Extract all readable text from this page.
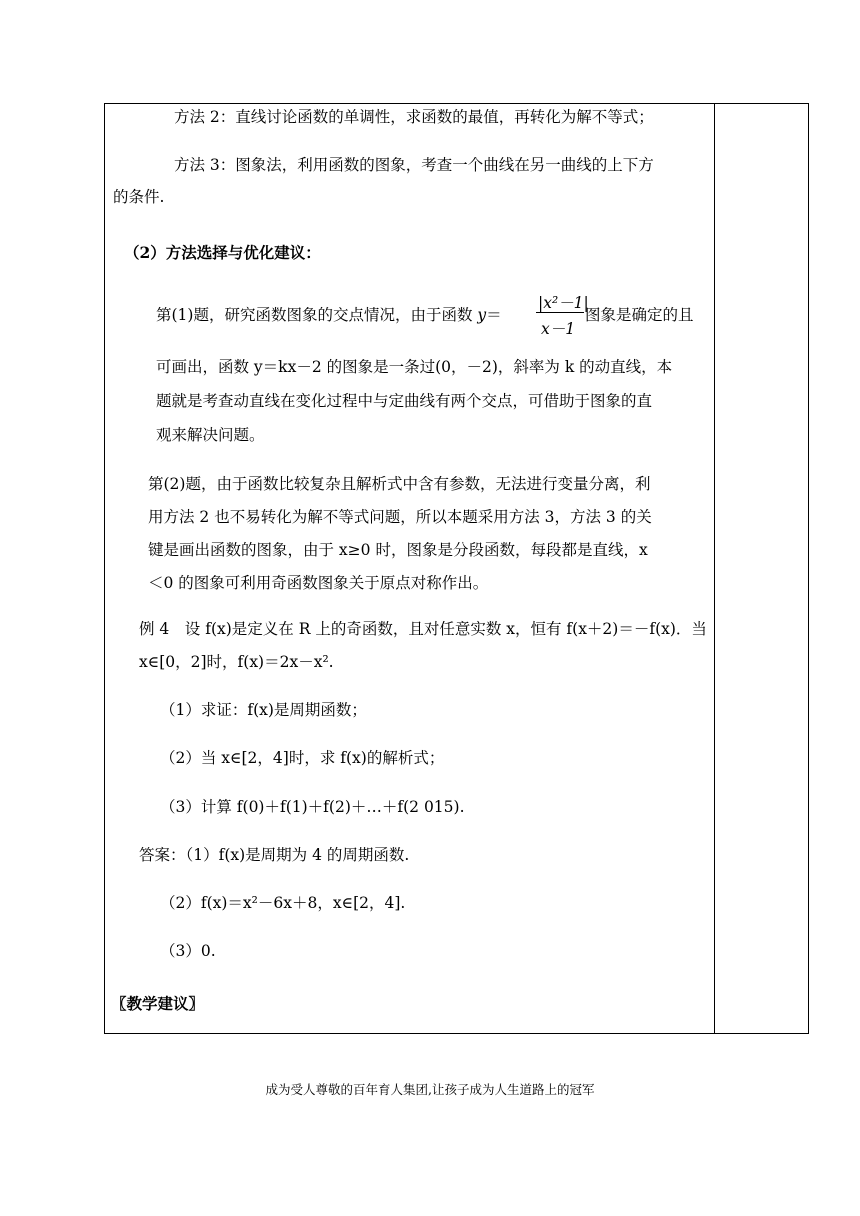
方法 2：直线讨论函数的单调性，求函数的最值，再转化为解不等式；
方法 3：图象法，利用函数的图象，考查一个曲线在另一曲线的上下方
的条件.
（2）方法选择与优化建议：
第(1)题，研究函数图象的交点情况，由于函数 y＝
|x²－1|
x－1
图象是确定的且
可画出，函数 y＝kx－2 的图象是一条过(0，－2)，斜率为 k 的动直线，本
题就是考查动直线在变化过程中与定曲线有两个交点，可借助于图象的直
观来解决问题。
第(2)题，由于函数比较复杂且解析式中含有参数，无法进行变量分离，利
用方法 2 也不易转化为解不等式问题，所以本题采用方法 3，方法 3 的关
键是画出函数的图象，由于 x≥0 时，图象是分段函数，每段都是直线，x
＜0 的图象可利用奇函数图象关于原点对称作出。
例 4　设 f(x)是定义在 R 上的奇函数，且对任意实数 x，恒有 f(x＋2)＝－f(x)．当
x∈[0，2]时，f(x)＝2x－x².
（1）求证：f(x)是周期函数；
（2）当 x∈[2，4]时，求 f(x)的解析式；
（3）计算 f(0)＋f(1)＋f(2)＋…＋f(2 015).
答案：（1）f(x)是周期为 4 的周期函数.
（2）f(x)＝x²－6x＋8，x∈[2，4].
（3）0.
〖教学建议〗
成为受人尊敬的百年育人集团,让孩子成为人生道路上的冠军
